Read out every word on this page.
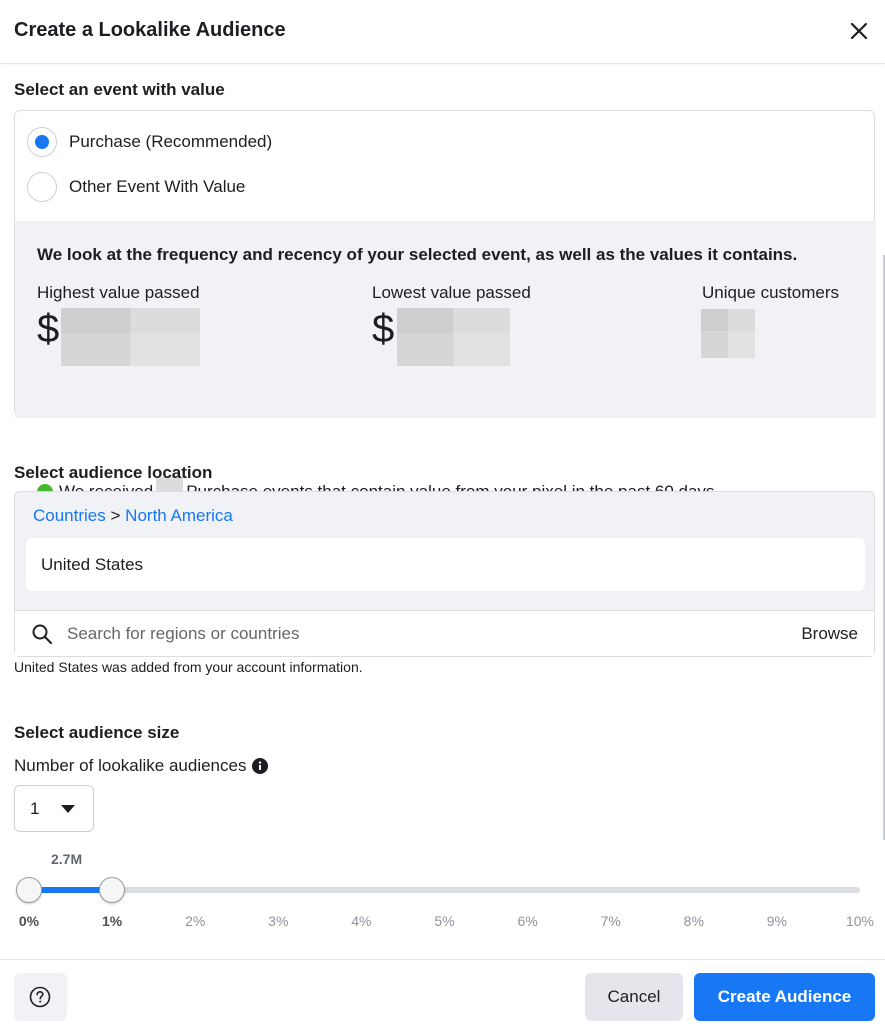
Create a Lookalike Audience
Select an event with value
Purchase (Recommended)
Other Event With Value
We look at the frequency and recency of your selected event, as well as the values it contains.
Highest value passed
$
Lowest value passed
$
Unique customers
Select audience location
Countries > North America
United States
Search for regions or countries
Browse
United States was added from your account information.
Select audience size
Number of lookalike audiences
1
2.7M
0%	1%	2%	3%	4%	5%	6%	7%	8%	9%	10%
Cancel	Create Audience
